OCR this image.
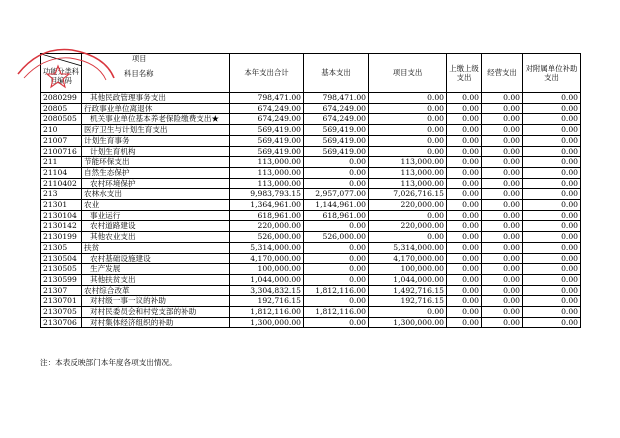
功能分类科目编码	项目
科目名称	本年支出合计	基本支出	项目支出	上缴上级支出	经营支出	对附属单位补助支出
2080299	其他民政管理事务支出	798,471.00	798,471.00	0.00	0.00	0.00	0.00
20805	行政事业单位离退休	674,249.00	674,249.00	0.00	0.00	0.00	0.00
2080505	机关事业单位基本养老保险缴费支出★	674,249.00	674,249.00	0.00	0.00	0.00	0.00
210	医疗卫生与计划生育支出	569,419.00	569,419.00	0.00	0.00	0.00	0.00
21007	计划生育事务	569,419.00	569,419.00	0.00	0.00	0.00	0.00
2100716	计划生育机构	569,419.00	569,419.00	0.00	0.00	0.00	0.00
211	节能环保支出	113,000.00	0.00	113,000.00	0.00	0.00	0.00
21104	自然生态保护	113,000.00	0.00	113,000.00	0.00	0.00	0.00
2110402	农村环境保护	113,000.00	0.00	113,000.00	0.00	0.00	0.00
213	农林水支出	9,983,793.15	2,957,077.00	7,026,716.15	0.00	0.00	0.00
21301	农业	1,364,961.00	1,144,961.00	220,000.00	0.00	0.00	0.00
2130104	事业运行	618,961.00	618,961.00	0.00	0.00	0.00	0.00
2130142	农村道路建设	220,000.00	0.00	220,000.00	0.00	0.00	0.00
2130199	其他农业支出	526,000.00	526,000.00	0.00	0.00	0.00	0.00
21305	扶贫	5,314,000.00	0.00	5,314,000.00	0.00	0.00	0.00
2130504	农村基础设施建设	4,170,000.00	0.00	4,170,000.00	0.00	0.00	0.00
2130505	生产发展	100,000.00	0.00	100,000.00	0.00	0.00	0.00
2130599	其他扶贫支出	1,044,000.00	0.00	1,044,000.00	0.00	0.00	0.00
21307	农村综合改革	3,304,832.15	1,812,116.00	1,492,716.15	0.00	0.00	0.00
2130701	对村级一事一议的补助	192,716.15	0.00	192,716.15	0.00	0.00	0.00
2130705	对村民委员会和村党支部的补助	1,812,116.00	1,812,116.00	0.00	0.00	0.00	0.00
2130706	对村集体经济组织的补助	1,300,000.00	0.00	1,300,000.00	0.00	0.00	0.00
注：本表反映部门本年度各项支出情况。
